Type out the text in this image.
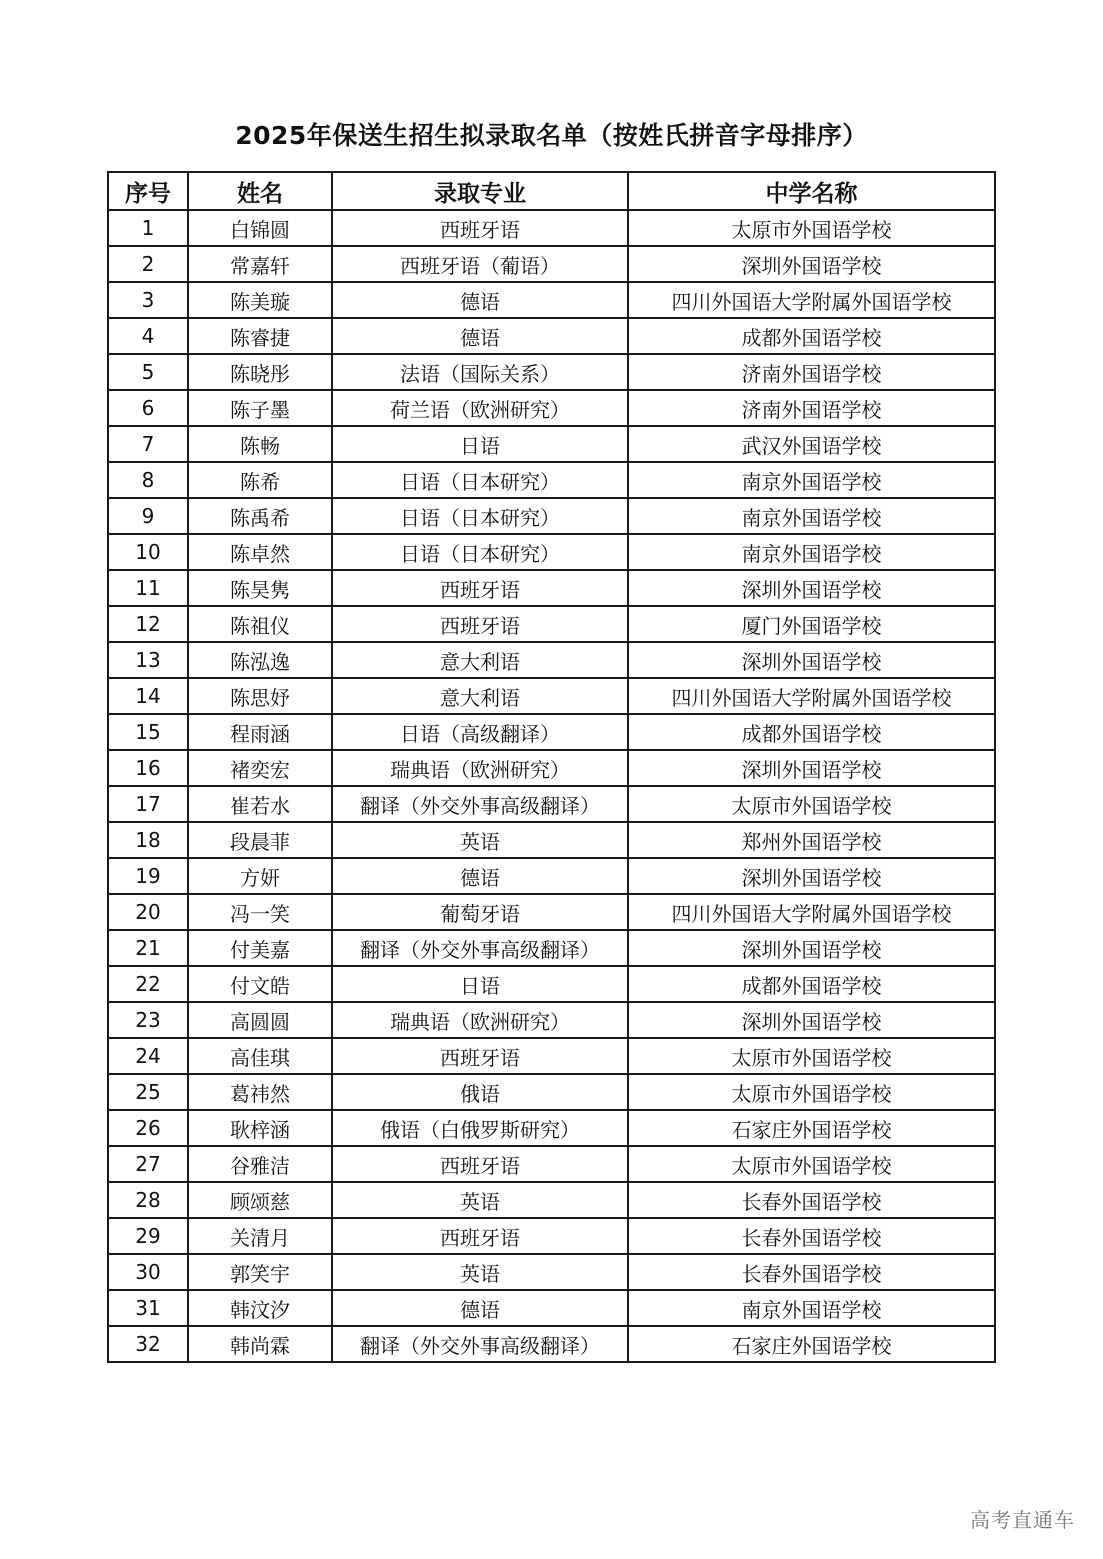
2025年保送生招生拟录取名单（按姓氏拼音字母排序）
序号	姓名	录取专业	中学名称
1	白锦圆	西班牙语	太原市外国语学校
2	常嘉轩	西班牙语（葡语）	深圳外国语学校
3	陈美璇	德语	四川外国语大学附属外国语学校
4	陈睿捷	德语	成都外国语学校
5	陈晓彤	法语（国际关系）	济南外国语学校
6	陈子墨	荷兰语（欧洲研究）	济南外国语学校
7	陈畅	日语	武汉外国语学校
8	陈希	日语（日本研究）	南京外国语学校
9	陈禹希	日语（日本研究）	南京外国语学校
10	陈卓然	日语（日本研究）	南京外国语学校
11	陈昊隽	西班牙语	深圳外国语学校
12	陈祖仪	西班牙语	厦门外国语学校
13	陈泓逸	意大利语	深圳外国语学校
14	陈思妤	意大利语	四川外国语大学附属外国语学校
15	程雨涵	日语（高级翻译）	成都外国语学校
16	褚奕宏	瑞典语（欧洲研究）	深圳外国语学校
17	崔若水	翻译（外交外事高级翻译）	太原市外国语学校
18	段晨菲	英语	郑州外国语学校
19	方妍	德语	深圳外国语学校
20	冯一笑	葡萄牙语	四川外国语大学附属外国语学校
21	付美嘉	翻译（外交外事高级翻译）	深圳外国语学校
22	付文皓	日语	成都外国语学校
23	高圆圆	瑞典语（欧洲研究）	深圳外国语学校
24	高佳琪	西班牙语	太原市外国语学校
25	葛祎然	俄语	太原市外国语学校
26	耿梓涵	俄语（白俄罗斯研究）	石家庄外国语学校
27	谷雅洁	西班牙语	太原市外国语学校
28	顾颂慈	英语	长春外国语学校
29	关清月	西班牙语	长春外国语学校
30	郭笑宇	英语	长春外国语学校
31	韩汶汐	德语	南京外国语学校
32	韩尚霖	翻译（外交外事高级翻译）	石家庄外国语学校
高考直通车
